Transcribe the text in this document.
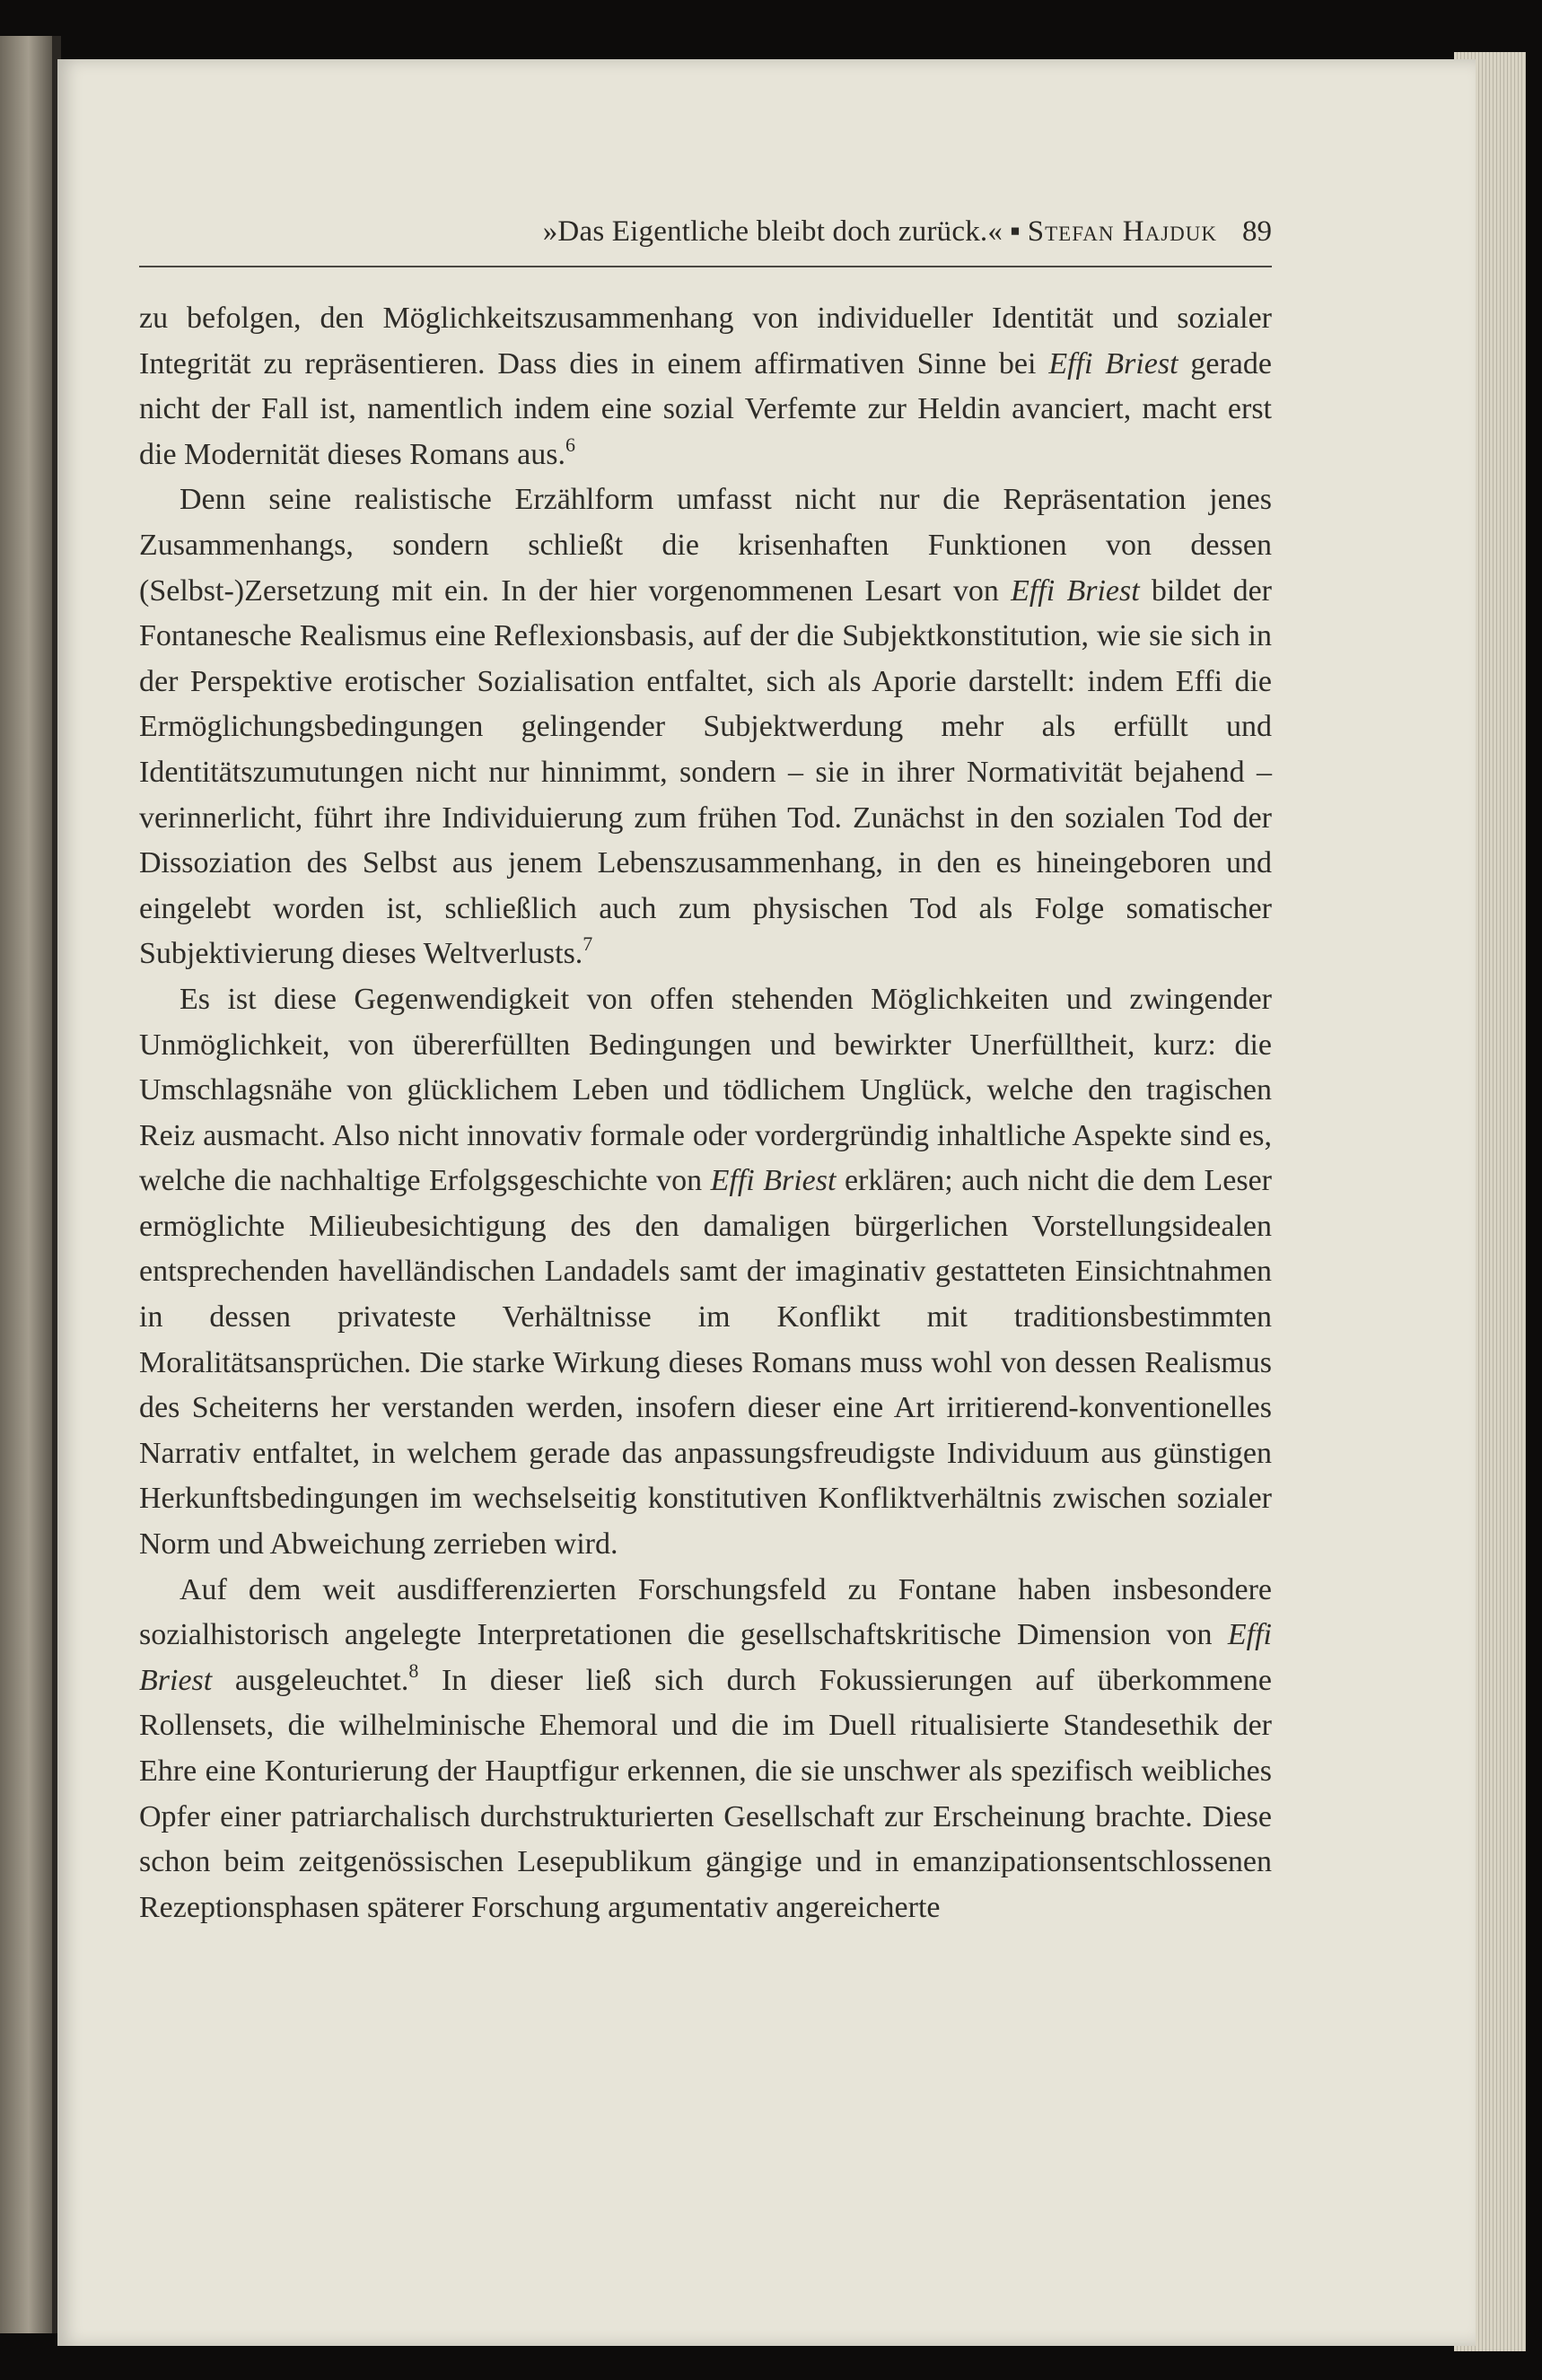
»Das Eigentliche bleibt doch zurück.« ▪ Stefan Hajduk 89

zu befolgen, den Möglichkeitszusammenhang von individueller Identität und sozialer Integrität zu repräsentieren. Dass dies in einem affirmativen Sinne bei Effi Briest gerade nicht der Fall ist, namentlich indem eine sozial Verfemte zur Heldin avanciert, macht erst die Modernität dieses Romans aus.$^6$

Denn seine realistische Erzählform umfasst nicht nur die Repräsentation jenes Zusammenhangs, sondern schließt die krisenhaften Funktionen von dessen (Selbst-)Zersetzung mit ein. In der hier vorgenommenen Lesart von Effi Briest bildet der Fontanesche Realismus eine Reflexionsbasis, auf der die Subjektkonstitution, wie sie sich in der Perspektive erotischer Sozialisation entfaltet, sich als Aporie darstellt: indem Effi die Ermöglichungsbedingungen gelingender Subjektwerdung mehr als erfüllt und Identitätszumutungen nicht nur hinnimmt, sondern – sie in ihrer Normativität bejahend – verinnerlicht, führt ihre Individuierung zum frühen Tod. Zunächst in den sozialen Tod der Dissoziation des Selbst aus jenem Lebenszusammenhang, in den es hineingeboren und eingelebt worden ist, schließlich auch zum physischen Tod als Folge somatischer Subjektivierung dieses Weltverlusts.$^7$

Es ist diese Gegenwendigkeit von offen stehenden Möglichkeiten und zwingender Unmöglichkeit, von übererfüllten Bedingungen und bewirkter Unerfülltheit, kurz: die Umschlagsnähe von glücklichem Leben und tödlichem Unglück, welche den tragischen Reiz ausmacht. Also nicht innovativ formale oder vordergründig inhaltliche Aspekte sind es, welche die nachhaltige Erfolgsgeschichte von Effi Briest erklären; auch nicht die dem Leser ermöglichte Milieubesichtigung des den damaligen bürgerlichen Vorstellungsidealen entsprechenden havelländischen Landadels samt der imaginativ gestatteten Einsichtnahmen in dessen privateste Verhältnisse im Konflikt mit traditionsbestimmten Moralitätsansprüchen. Die starke Wirkung dieses Romans muss wohl von dessen Realismus des Scheiterns her verstanden werden, insofern dieser eine Art irritierend-konventionelles Narrativ entfaltet, in welchem gerade das anpassungsfreudigste Individuum aus günstigen Herkunftsbedingungen im wechselseitig konstitutiven Konfliktverhältnis zwischen sozialer Norm und Abweichung zerrieben wird.

Auf dem weit ausdifferenzierten Forschungsfeld zu Fontane haben insbesondere sozialhistorisch angelegte Interpretationen die gesellschaftskritische Dimension von Effi Briest ausgeleuchtet.$^8$ In dieser ließ sich durch Fokussierungen auf überkommene Rollensets, die wilhelminische Ehemoral und die im Duell ritualisierte Standesethik der Ehre eine Konturierung der Hauptfigur erkennen, die sie unschwer als spezifisch weibliches Opfer einer patriarchalisch durchstrukturierten Gesellschaft zur Erscheinung brachte. Diese schon beim zeitgenössischen Lesepublikum gängige und in emanzipationsentschlossenen Rezeptionsphasen späterer Forschung argumentativ angereicherte
